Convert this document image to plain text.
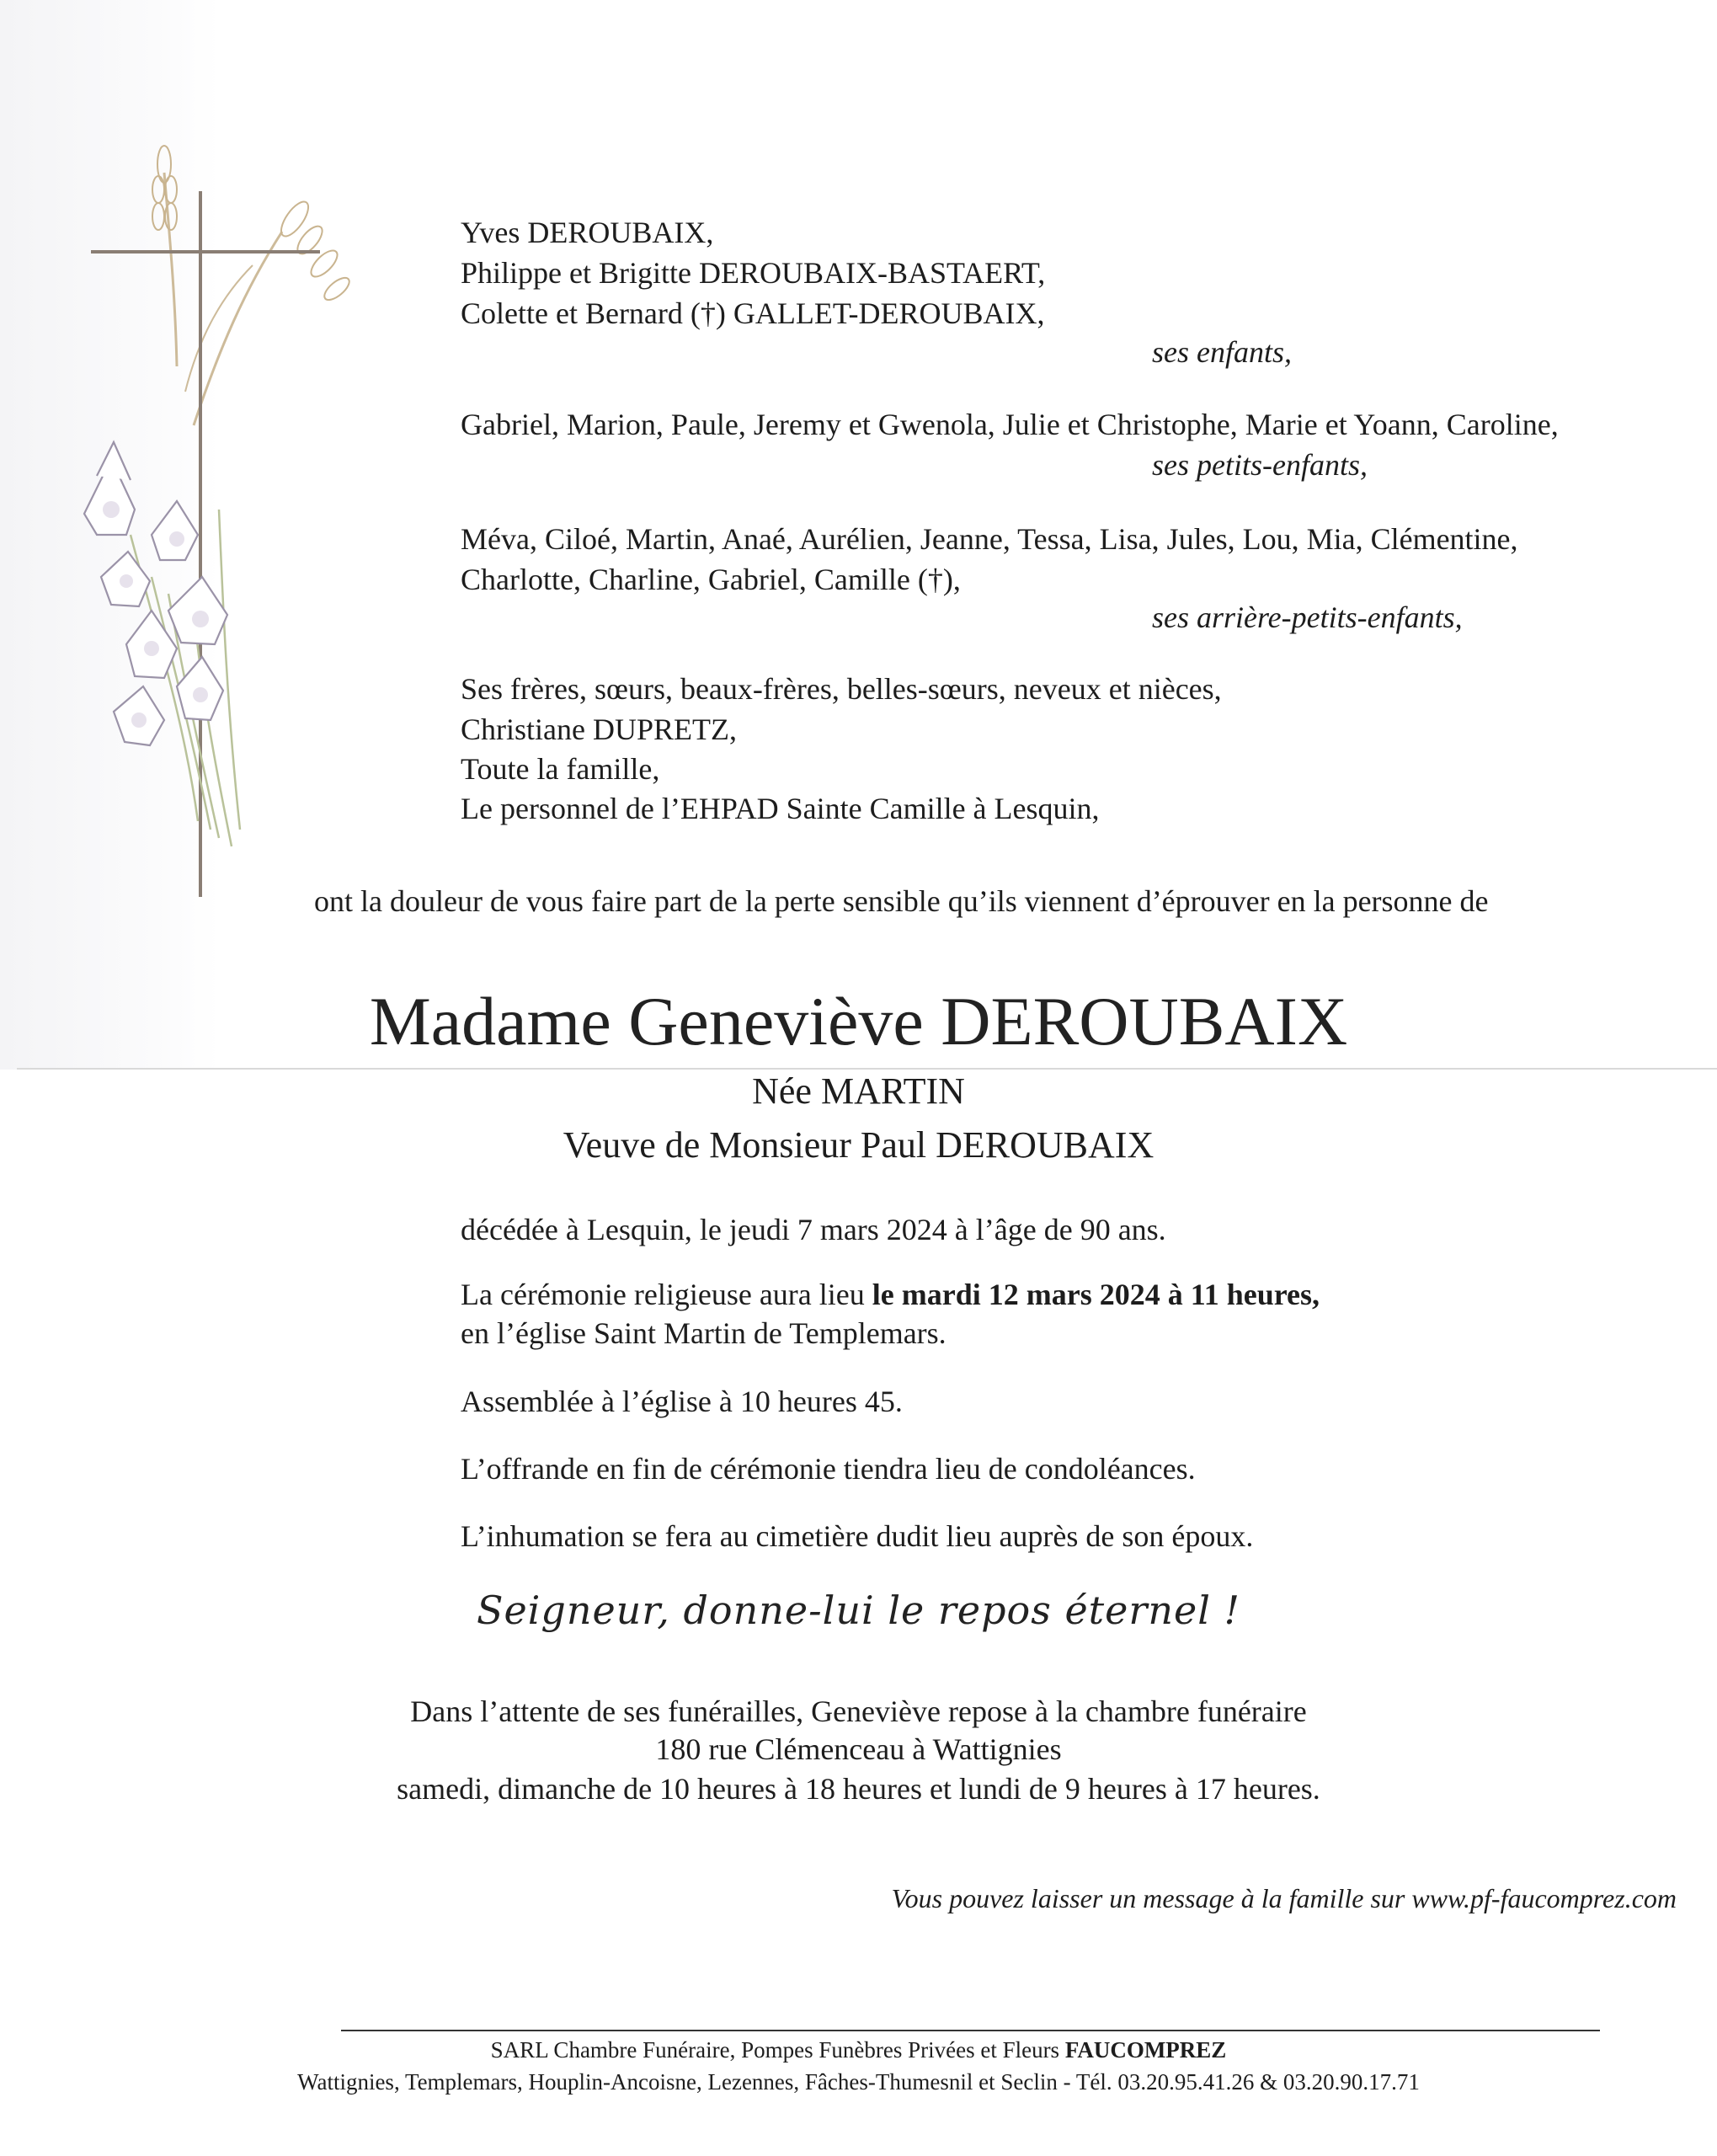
Yves DEROUBAIX,
Philippe et Brigitte DEROUBAIX-BASTAERT,
Colette et Bernard (†) GALLET-DEROUBAIX,
ses enfants,
Gabriel, Marion, Paule, Jeremy et Gwenola, Julie et Christophe, Marie et Yoann, Caroline,
ses petits-enfants,
Méva, Ciloé, Martin, Anaé, Aurélien, Jeanne, Tessa, Lisa, Jules, Lou, Mia, Clémentine,
Charlotte, Charline, Gabriel, Camille (†),
ses arrière-petits-enfants,
Ses frères, sœurs, beaux-frères, belles-sœurs, neveux et nièces,
Christiane DUPRETZ,
Toute la famille,
Le personnel de l’EHPAD Sainte Camille à Lesquin,
ont la douleur de vous faire part de la perte sensible qu’ils viennent d’éprouver en la personne de
Madame Geneviève DEROUBAIX
Née MARTIN
Veuve de Monsieur Paul DEROUBAIX
décédée à Lesquin, le jeudi 7 mars 2024 à l’âge de 90 ans.
La cérémonie religieuse aura lieu le mardi 12 mars 2024 à 11 heures,
en l’église Saint Martin de Templemars.
Assemblée à l’église à 10 heures 45.
L’offrande en fin de cérémonie tiendra lieu de condoléances.
L’inhumation se fera au cimetière dudit lieu auprès de son époux.
Seigneur, donne-lui le repos éternel !
Dans l’attente de ses funérailles, Geneviève repose à la chambre funéraire
180 rue Clémenceau à Wattignies
samedi, dimanche de 10 heures à 18 heures et lundi de 9 heures à 17 heures.
Vous pouvez laisser un message à la famille sur www.pf-faucomprez.com
SARL Chambre Funéraire, Pompes Funèbres Privées et Fleurs FAUCOMPREZ
Wattignies, Templemars, Houplin-Ancoisne, Lezennes, Fâches-Thumesnil et Seclin - Tél. 03.20.95.41.26 & 03.20.90.17.71
